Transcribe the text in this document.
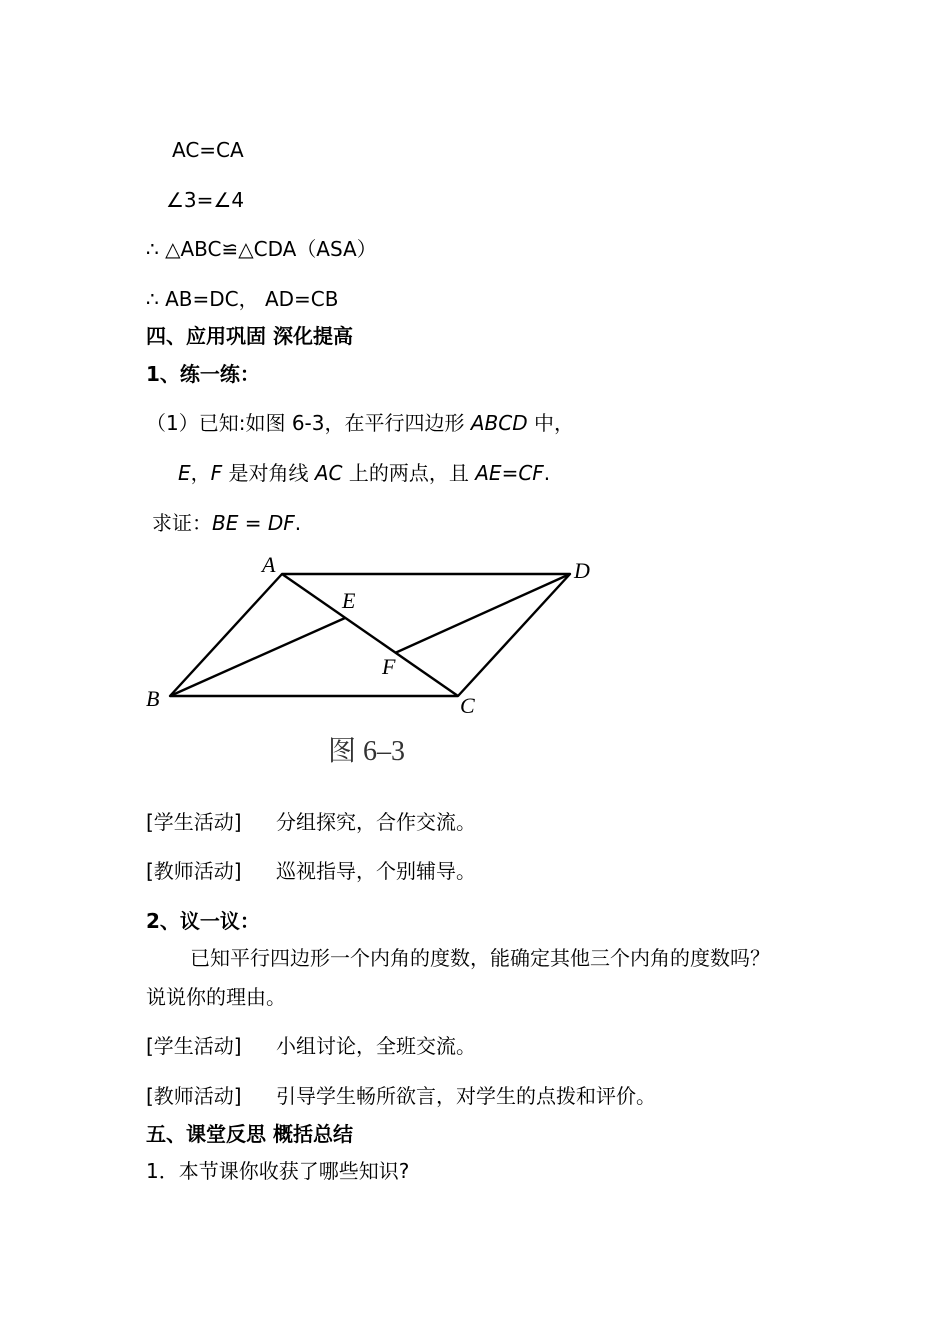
AC=CA
∠3=∠4
∴ △ABC≌△CDA（ASA）
∴ AB=DC， AD=CB
四、应用巩固 深化提高
1、练一练：
（1）已知:如图 6-3，在平行四边形 ABCD 中，
E，F 是对角线 AC 上的两点，且 AE=CF.
求证：BE = DF.
A	D
E
F
B	C
图 6–3
[学生活动] 分组探究，合作交流。
[教师活动] 巡视指导，个别辅导。
2、议一议：
已知平行四边形一个内角的度数，能确定其他三个内角的度数吗？
说说你的理由。
[学生活动] 小组讨论，全班交流。
[教师活动] 引导学生畅所欲言，对学生的点拨和评价。
五、课堂反思 概括总结
1．本节课你收获了哪些知识?
